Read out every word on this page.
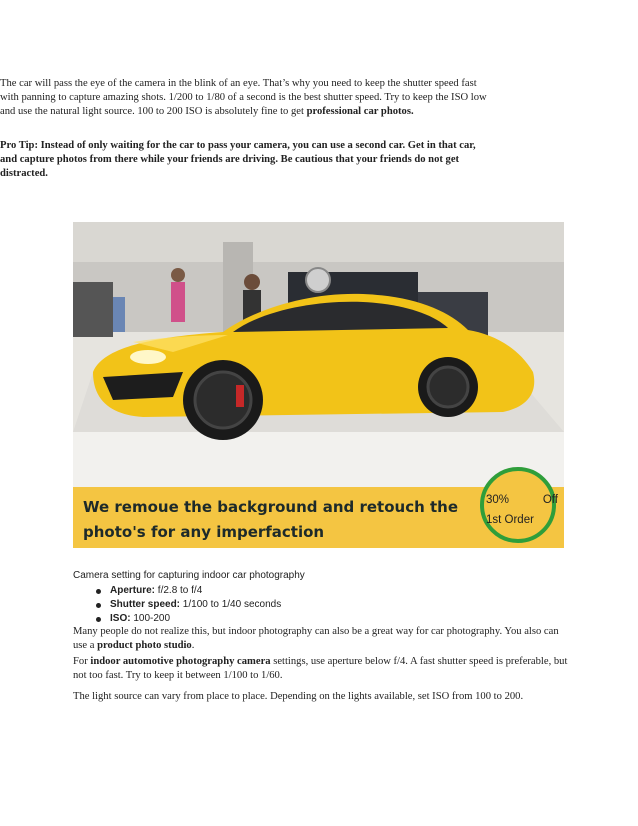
The car will pass the eye of the camera in the blink of an eye. That’s why you need to keep the shutter speed fast with panning to capture amazing shots. 1/200 to 1/80 of a second is the best shutter speed. Try to keep the ISO low and use the natural light source. 100 to 200 ISO is absolutely fine to get professional car photos.

Pro Tip: Instead of only waiting for the car to pass your camera, you can use a second car. Get in that car, and capture photos from there while your friends are driving. Be cautious that your friends do not get distracted.

We remoue the background and retouch the
photo's for any imperfaction
30%	Off
1st Order
Camera setting for capturing indoor car photography
Aperture: f/2.8 to f/4
Shutter speed: 1/100 to 1/40 seconds
ISO: 100-200

Many people do not realize this, but indoor photography can also be a great way for car photography. You also can use a product photo studio.

For indoor automotive photography camera settings, use aperture below f/4. A fast shutter speed is preferable, but not too fast. Try to keep it between 1/100 to 1/60.

The light source can vary from place to place. Depending on the lights available, set ISO from 100 to 200.
